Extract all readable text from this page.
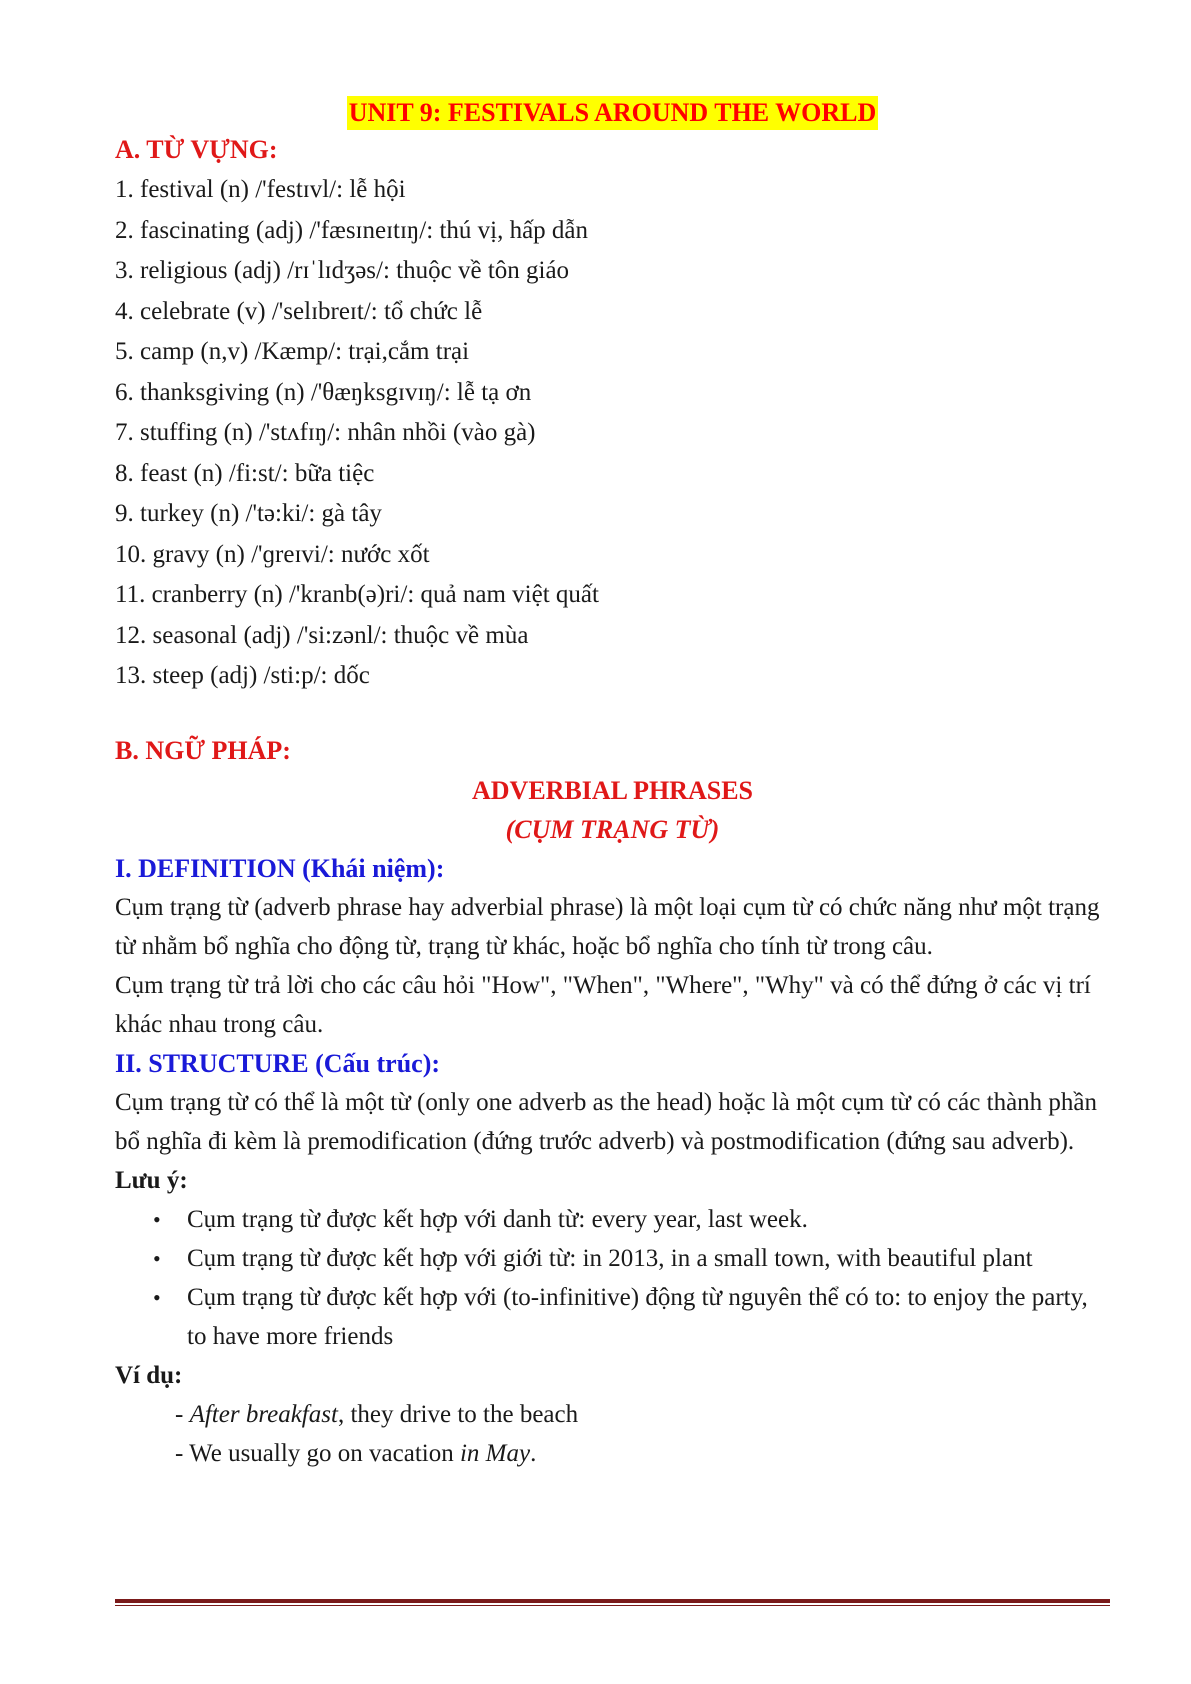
UNIT 9: FESTIVALS AROUND THE WORLD
A. TỪ VỰNG:
1. festival (n) /'festɪvl/: lễ hội
2. fascinating (adj) /'fæsɪneɪtɪŋ/: thú vị, hấp dẫn
3. religious (adj) /rɪˈlɪdʒəs/: thuộc về tôn giáo
4. celebrate (v) /'selɪbreɪt/: tổ chức lễ
5. camp (n,v) /Kæmp/: trại,cắm trại
6. thanksgiving (n) /'θæŋksgɪvɪŋ/: lễ tạ ơn
7. stuffing (n) /'stʌfɪŋ/: nhân nhồi (vào gà)
8. feast (n) /fi:st/: bữa tiệc
9. turkey (n) /'tə:ki/: gà tây
10. gravy (n) /'ɡreɪvi/: nước xốt
11. cranberry (n) /'kranb(ə)ri/: quả nam việt quất
12. seasonal (adj) /'si:zənl/: thuộc về mùa
13. steep (adj) /sti:p/: dốc
B. NGỮ PHÁP:
ADVERBIAL PHRASES
(CỤM TRẠNG TỪ)
I. DEFINITION (Khái niệm):

Cụm trạng từ (adverb phrase hay adverbial phrase) là một loại cụm từ có chức năng như một trạng từ nhằm bổ nghĩa cho động từ, trạng từ khác, hoặc bổ nghĩa cho tính từ trong câu.

Cụm trạng từ trả lời cho các câu hỏi "How", "When", "Where", "Why" và có thể đứng ở các vị trí khác nhau trong câu.

II. STRUCTURE (Cấu trúc):

Cụm trạng từ có thể là một từ (only one adverb as the head) hoặc là một cụm từ có các thành phần bổ nghĩa đi kèm là premodification (đứng trước adverb) và postmodification (đứng sau adverb).

Lưu ý:
• Cụm trạng từ được kết hợp với danh từ: every year, last week.
• Cụm trạng từ được kết hợp với giới từ: in 2013, in a small town, with beautiful plant
• Cụm trạng từ được kết hợp với (to-infinitive) động từ nguyên thể có to: to enjoy the party, to have more friends
Ví dụ:
- After breakfast, they drive to the beach
- We usually go on vacation in May.
